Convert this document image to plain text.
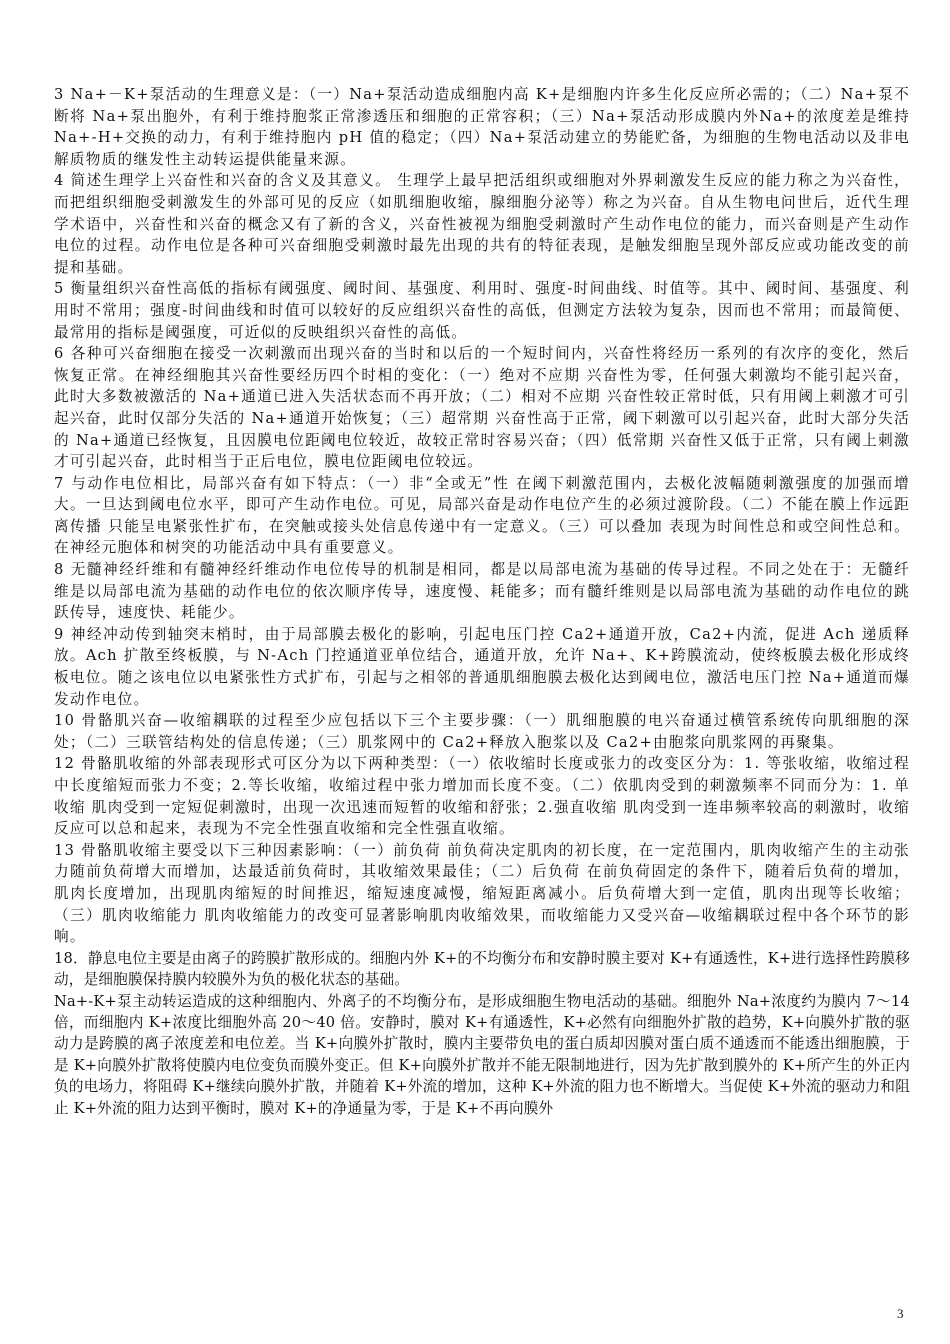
3 Na+－K+泵活动的生理意义是：（一）Na+泵活动造成细胞内高 K+是细胞内许多生化反应所必需的；（二）Na+泵不断将 Na+泵出胞外，有利于维持胞浆正常渗透压和细胞的正常容积；（三）Na+泵活动形成膜内外Na+的浓度差是维持 Na+-H+交换的动力，有利于维持胞内 pH 值的稳定；（四）Na+泵活动建立的势能贮备，为细胞的生物电活动以及非电解质物质的继发性主动转运提供能量来源。

4 简述生理学上兴奋性和兴奋的含义及其意义。 生理学上最早把活组织或细胞对外界刺激发生反应的能力称之为兴奋性，而把组织细胞受刺激发生的外部可见的反应（如肌细胞收缩，腺细胞分泌等）称之为兴奋。自从生物电问世后，近代生理学术语中，兴奋性和兴奋的概念又有了新的含义，兴奋性被视为细胞受刺激时产生动作电位的能力，而兴奋则是产生动作电位的过程。动作电位是各种可兴奋细胞受刺激时最先出现的共有的特征表现，是触发细胞呈现外部反应或功能改变的前提和基础。

5 衡量组织兴奋性高低的指标有阈强度、阈时间、基强度、利用时、强度-时间曲线、时值等。其中、阈时间、基强度、利用时不常用；强度-时间曲线和时值可以较好的反应组织兴奋性的高低，但测定方法较为复杂，因而也不常用；而最简便、最常用的指标是阈强度，可近似的反映组织兴奋性的高低。

6 各种可兴奋细胞在接受一次刺激而出现兴奋的当时和以后的一个短时间内，兴奋性将经历一系列的有次序的变化，然后恢复正常。在神经细胞其兴奋性要经历四个时相的变化：（一）绝对不应期 兴奋性为零，任何强大刺激均不能引起兴奋，此时大多数被激活的 Na+通道已进入失活状态而不再开放；（二）相对不应期 兴奋性较正常时低，只有用阈上刺激才可引起兴奋，此时仅部分失活的 Na+通道开始恢复；（三）超常期 兴奋性高于正常，阈下刺激可以引起兴奋，此时大部分失活的 Na+通道已经恢复，且因膜电位距阈电位较近，故较正常时容易兴奋；（四）低常期 兴奋性又低于正常，只有阈上刺激才可引起兴奋，此时相当于正后电位，膜电位距阈电位较远。

7 与动作电位相比，局部兴奋有如下特点：（一）非“全或无”性 在阈下刺激范围内，去极化波幅随刺激强度的加强而增大。一旦达到阈电位水平，即可产生动作电位。可见，局部兴奋是动作电位产生的必须过渡阶段。（二）不能在膜上作远距离传播 只能呈电紧张性扩布，在突触或接头处信息传递中有一定意义。（三）可以叠加 表现为时间性总和或空间性总和。在神经元胞体和树突的功能活动中具有重要意义。

8 无髓神经纤维和有髓神经纤维动作电位传导的机制是相同，都是以局部电流为基础的传导过程。不同之处在于：无髓纤维是以局部电流为基础的动作电位的依次顺序传导，速度慢、耗能多；而有髓纤维则是以局部电流为基础的动作电位的跳跃传导，速度快、耗能少。

9 神经冲动传到轴突末梢时，由于局部膜去极化的影响，引起电压门控 Ca2+通道开放，Ca2+内流，促进 Ach 递质释放。Ach 扩散至终板膜，与 N-Ach 门控通道亚单位结合，通道开放，允许 Na+、K+跨膜流动，使终板膜去极化形成终板电位。随之该电位以电紧张性方式扩布，引起与之相邻的普通肌细胞膜去极化达到阈电位，激活电压门控 Na+通道而爆发动作电位。

10 骨骼肌兴奋—收缩耦联的过程至少应包括以下三个主要步骤：（一）肌细胞膜的电兴奋通过横管系统传向肌细胞的深处；（二）三联管结构处的信息传递；（三）肌浆网中的 Ca2+释放入胞浆以及 Ca2+由胞浆向肌浆网的再聚集。

12 骨骼肌收缩的外部表现形式可区分为以下两种类型：（一）依收缩时长度或张力的改变区分为：1. 等张收缩，收缩过程中长度缩短而张力不变；2.等长收缩，收缩过程中张力增加而长度不变。（二）依肌肉受到的刺激频率不同而分为：1. 单收缩 肌肉受到一定短促刺激时，出现一次迅速而短暂的收缩和舒张；2.强直收缩 肌肉受到一连串频率较高的刺激时，收缩反应可以总和起来，表现为不完全性强直收缩和完全性强直收缩。

13 骨骼肌收缩主要受以下三种因素影响：（一）前负荷 前负荷决定肌肉的初长度，在一定范围内，肌肉收缩产生的主动张力随前负荷增大而增加，达最适前负荷时，其收缩效果最佳；（二）后负荷 在前负荷固定的条件下，随着后负荷的增加，肌肉长度增加，出现肌肉缩短的时间推迟，缩短速度减慢，缩短距离减小。后负荷增大到一定值，肌肉出现等长收缩；（三）肌肉收缩能力 肌肉收缩能力的改变可显著影响肌肉收缩效果，而收缩能力又受兴奋—收缩耦联过程中各个环节的影响。

18．静息电位主要是由离子的跨膜扩散形成的。细胞内外 K+的不均衡分布和安静时膜主要对 K+有通透性，K+进行选择性跨膜移动，是细胞膜保持膜内较膜外为负的极化状态的基础。

Na+-K+泵主动转运造成的这种细胞内、外离子的不均衡分布，是形成细胞生物电活动的基础。细胞外 Na+浓度约为膜内 7～14 倍，而细胞内 K+浓度比细胞外高 20～40 倍。安静时，膜对 K+有通透性，K+必然有向细胞外扩散的趋势，K+向膜外扩散的驱动力是跨膜的离子浓度差和电位差。当 K+向膜外扩散时，膜内主要带负电的蛋白质却因膜对蛋白质不通透而不能透出细胞膜，于是 K+向膜外扩散将使膜内电位变负而膜外变正。但 K+向膜外扩散并不能无限制地进行，因为先扩散到膜外的 K+所产生的外正内负的电场力，将阻碍 K+继续向膜外扩散，并随着 K+外流的增加，这种 K+外流的阻力也不断增大。当促使 K+外流的驱动力和阻止 K+外流的阻力达到平衡时，膜对 K+的净通量为零，于是 K+不再向膜外

3
